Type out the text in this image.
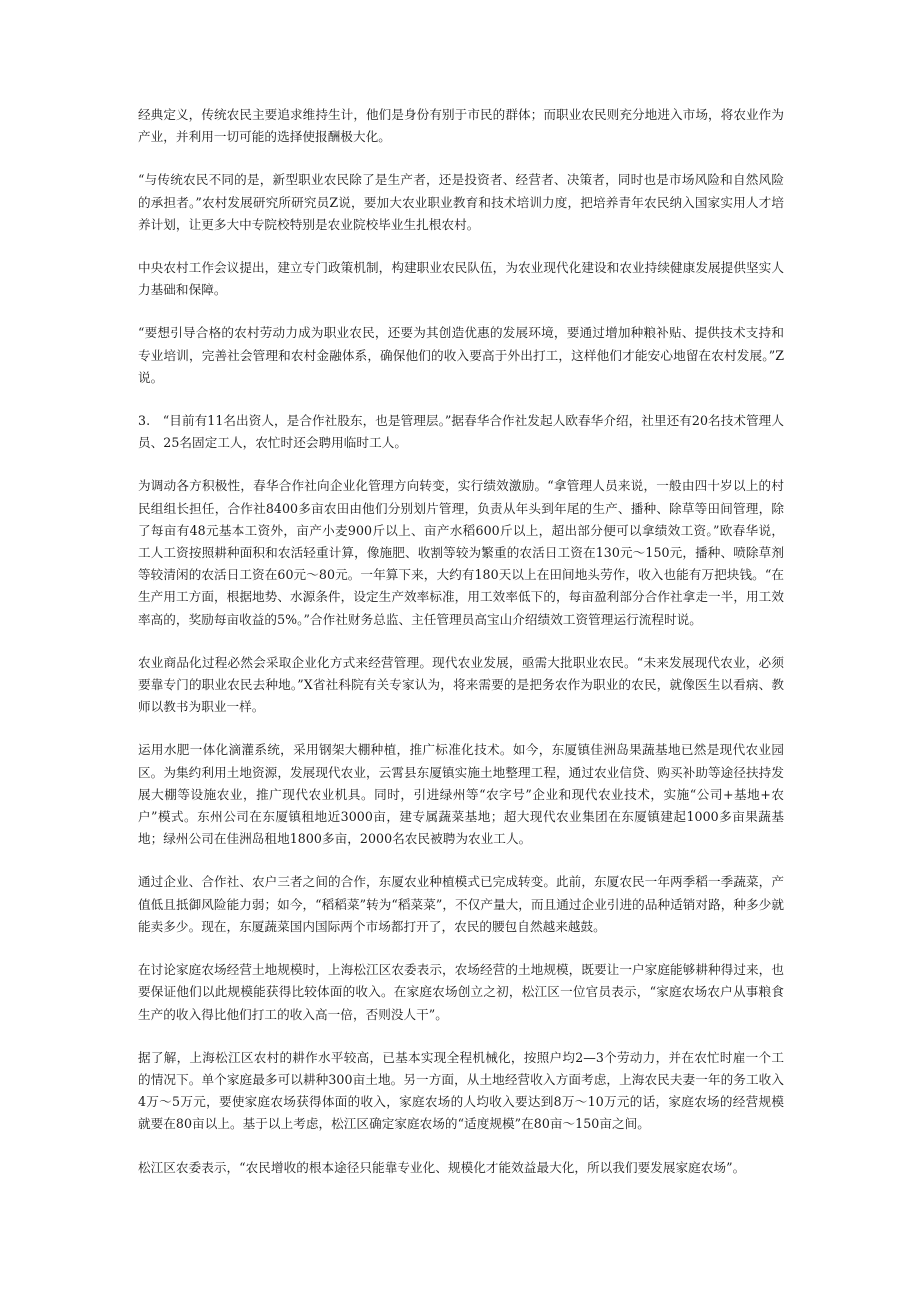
经典定义，传统农民主要追求维持生计，他们是身份有别于市民的群体；而职业农民则充分地进入市场，将农业作为产业，并利用一切可能的选择使报酬极大化。

“与传统农民不同的是，新型职业农民除了是生产者，还是投资者、经营者、决策者，同时也是市场风险和自然风险的承担者。”农村发展研究所研究员Z说，要加大农业职业教育和技术培训力度，把培养青年农民纳入国家实用人才培养计划，让更多大中专院校特别是农业院校毕业生扎根农村。

中央农村工作会议提出，建立专门政策机制，构建职业农民队伍，为农业现代化建设和农业持续健康发展提供坚实人力基础和保障。

“要想引导合格的农村劳动力成为职业农民，还要为其创造优惠的发展环境，要通过增加种粮补贴、提供技术支持和专业培训，完善社会管理和农村金融体系，确保他们的收入要高于外出打工，这样他们才能安心地留在农村发展。”Z说。

3.　“目前有11名出资人，是合作社股东，也是管理层。”据春华合作社发起人欧春华介绍，社里还有20名技术管理人员、25名固定工人，农忙时还会聘用临时工人。

为调动各方积极性，春华合作社向企业化管理方向转变，实行绩效激励。“拿管理人员来说，一般由四十岁以上的村民组组长担任，合作社8400多亩农田由他们分别划片管理，负责从年头到年尾的生产、播种、除草等田间管理，除了每亩有48元基本工资外，亩产小麦900斤以上、亩产水稻600斤以上，超出部分便可以拿绩效工资。”欧春华说，工人工资按照耕种面积和农活轻重计算，像施肥、收割等较为繁重的农活日工资在130元～150元，播种、喷除草剂等较清闲的农活日工资在60元～80元。一年算下来，大约有180天以上在田间地头劳作，收入也能有万把块钱。“在生产用工方面，根据地势、水源条件，设定生产效率标准，用工效率低下的，每亩盈利部分合作社拿走一半，用工效率高的，奖励每亩收益的5%。”合作社财务总监、主任管理员高宝山介绍绩效工资管理运行流程时说。

农业商品化过程必然会采取企业化方式来经营管理。现代农业发展，亟需大批职业农民。“未来发展现代农业，必须要靠专门的职业农民去种地。”X省社科院有关专家认为，将来需要的是把务农作为职业的农民，就像医生以看病、教师以教书为职业一样。

运用水肥一体化滴灌系统，采用钢架大棚种植，推广标准化技术。如今，东厦镇佳洲岛果蔬基地已然是现代农业园区。为集约利用土地资源，发展现代农业，云霄县东厦镇实施土地整理工程，通过农业信贷、购买补助等途径扶持发展大棚等设施农业，推广现代农业机具。同时，引进绿州等“农字号”企业和现代农业技术，实施“公司+基地+农户”模式。东州公司在东厦镇租地近3000亩，建专属蔬菜基地；超大现代农业集团在东厦镇建起1000多亩果蔬基地；绿州公司在佳洲岛租地1800多亩，2000名农民被聘为农业工人。

通过企业、合作社、农户三者之间的合作，东厦农业种植模式已完成转变。此前，东厦农民一年两季稻一季蔬菜，产值低且抵御风险能力弱；如今，“稻稻菜”转为“稻菜菜”，不仅产量大，而且通过企业引进的品种适销对路，种多少就能卖多少。现在，东厦蔬菜国内国际两个市场都打开了，农民的腰包自然越来越鼓。

在讨论家庭农场经营土地规模时，上海松江区农委表示，农场经营的土地规模，既要让一户家庭能够耕种得过来，也要保证他们以此规模能获得比较体面的收入。在家庭农场创立之初，松江区一位官员表示，“家庭农场农户从事粮食生产的收入得比他们打工的收入高一倍，否则没人干”。

据了解，上海松江区农村的耕作水平较高，已基本实现全程机械化，按照户均2—3个劳动力，并在农忙时雇一个工的情况下。单个家庭最多可以耕种300亩土地。另一方面，从土地经营收入方面考虑，上海农民夫妻一年的务工收入4万～5万元，要使家庭农场获得体面的收入，家庭农场的人均收入要达到8万～10万元的话，家庭农场的经营规模就要在80亩以上。基于以上考虑，松江区确定家庭农场的“适度规模”在80亩～150亩之间。

松江区农委表示，“农民增收的根本途径只能靠专业化、规模化才能效益最大化，所以我们要发展家庭农场”。
